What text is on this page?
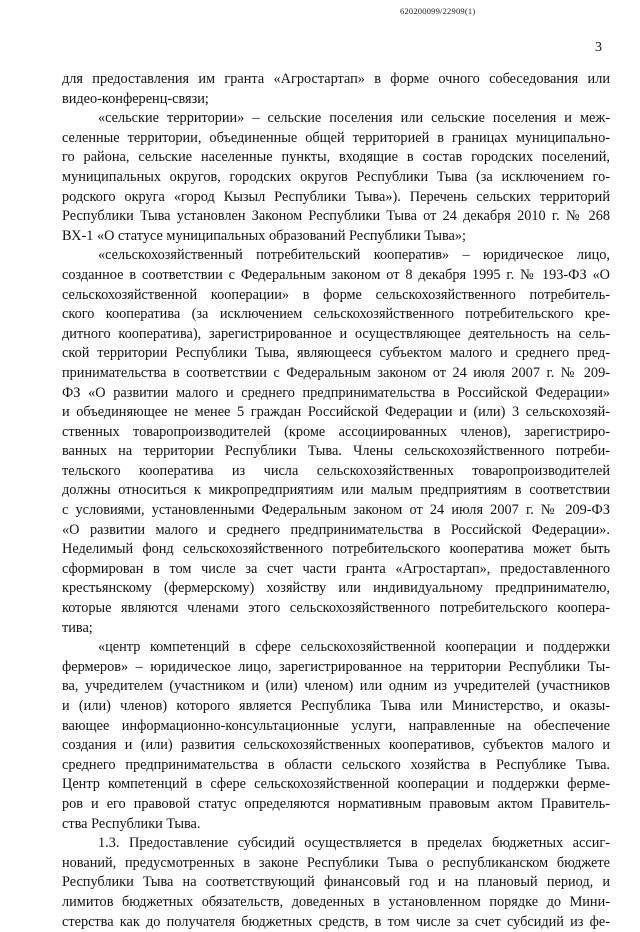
620200099/22909(1)
3
для предоставления им гранта «Агростартап» в форме очного собеседования или
видео-конференц-связи;
«сельские территории» – сельские поселения или сельские поселения и меж-
селенные территории, объединенные общей территорией в границах муниципально-
го района, сельские населенные пункты, входящие в состав городских поселений,
муниципальных округов, городских округов Республики Тыва (за исключением го-
родского округа «город Кызыл Республики Тыва»). Перечень сельских территорий
Республики Тыва установлен Законом Республики Тыва от 24 декабря 2010 г. № 268
ВХ-1 «О статусе муниципальных образований Республики Тыва»;
«сельскохозяйственный потребительский кооператив» – юридическое лицо,
созданное в соответствии с Федеральным законом от 8 декабря 1995 г. № 193-ФЗ «О
сельскохозяйственной кооперации» в форме сельскохозяйственного потребитель-
ского кооператива (за исключением сельскохозяйственного потребительского кре-
дитного кооператива), зарегистрированное и осуществляющее деятельность на сель-
ской территории Республики Тыва, являющееся субъектом малого и среднего пред-
принимательства в соответствии с Федеральным законом от 24 июля 2007 г. № 209-
ФЗ «О развитии малого и среднего предпринимательства в Российской Федерации»
и объединяющее не менее 5 граждан Российской Федерации и (или) 3 сельскохозяй-
ственных товаропроизводителей (кроме ассоциированных членов), зарегистриро-
ванных на территории Республики Тыва. Члены сельскохозяйственного потреби-
тельского кооператива из числа сельскохозяйственных товаропроизводителей
должны относиться к микропредприятиям или малым предприятиям в соответствии
с условиями, установленными Федеральным законом от 24 июля 2007 г. № 209-ФЗ
«О развитии малого и среднего предпринимательства в Российской Федерации».
Неделимый фонд сельскохозяйственного потребительского кооператива может быть
сформирован в том числе за счет части гранта «Агростартап», предоставленного
крестьянскому (фермерскому) хозяйству или индивидуальному предпринимателю,
которые являются членами этого сельскохозяйственного потребительского коопера-
тива;
«центр компетенций в сфере сельскохозяйственной кооперации и поддержки
фермеров» – юридическое лицо, зарегистрированное на территории Республики Ты-
ва, учредителем (участником и (или) членом) или одним из учредителей (участников
и (или) членов) которого является Республика Тыва или Министерство, и оказы-
вающее информационно-консультационные услуги, направленные на обеспечение
создания и (или) развития сельскохозяйственных кооперативов, субъектов малого и
среднего предпринимательства в области сельского хозяйства в Республике Тыва.
Центр компетенций в сфере сельскохозяйственной кооперации и поддержки ферме-
ров и его правовой статус определяются нормативным правовым актом Правитель-
ства Республики Тыва.
1.3. Предоставление субсидий осуществляется в пределах бюджетных ассиг-
нований, предусмотренных в законе Республики Тыва о республиканском бюджете
Республики Тыва на соответствующий финансовый год и на плановый период, и
лимитов бюджетных обязательств, доведенных в установленном порядке до Мини-
стерства как до получателя бюджетных средств, в том числе за счет субсидий из фе-
